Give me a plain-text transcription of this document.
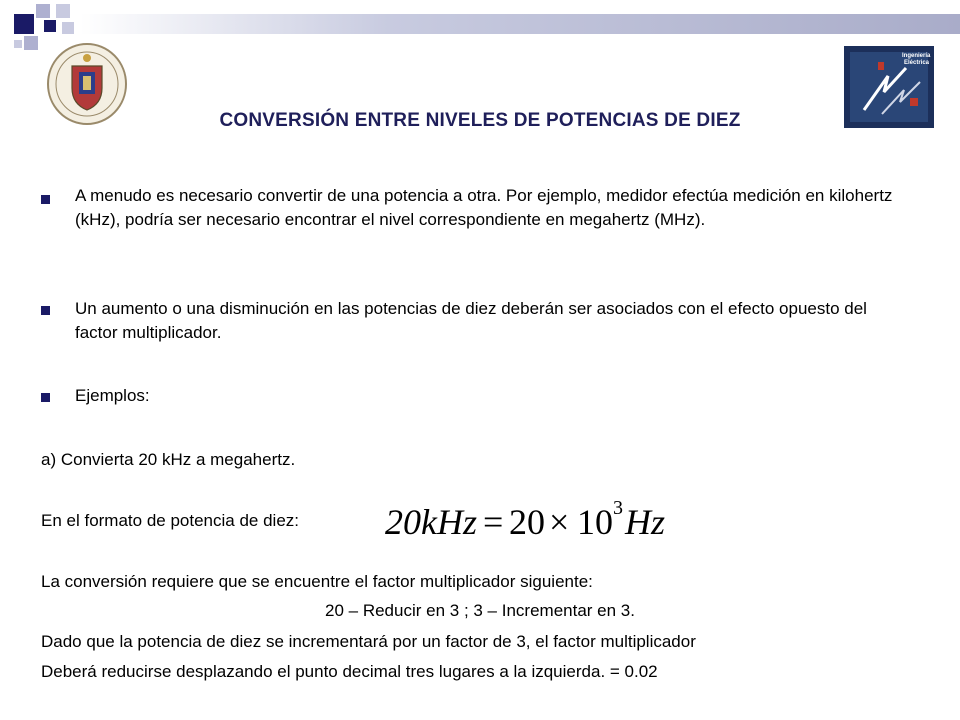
Ingeniería
Eléctrica
CONVERSIÓN ENTRE NIVELES DE POTENCIAS DE DIEZ
A menudo es necesario convertir de una potencia a otra. Por ejemplo, medidor efectúa medición en kilohertz (kHz), podría ser necesario encontrar el nivel correspondiente en megahertz (MHz).
Un aumento o una disminución en las potencias de diez deberán ser asociados con el efecto opuesto del factor multiplicador.
Ejemplos:
a) Convierta 20 kHz a megahertz.
En el formato de potencia de diez: 20kHz = 20 × 10 3 Hz
La conversión requiere que se encuentre el factor multiplicador siguiente:
20 – Reducir en 3 ; 3 – Incrementar en 3.
Dado que la potencia de diez se incrementará por un factor de 3, el factor multiplicador
Deberá reducirse desplazando el punto decimal tres lugares a la izquierda. = 0.02
